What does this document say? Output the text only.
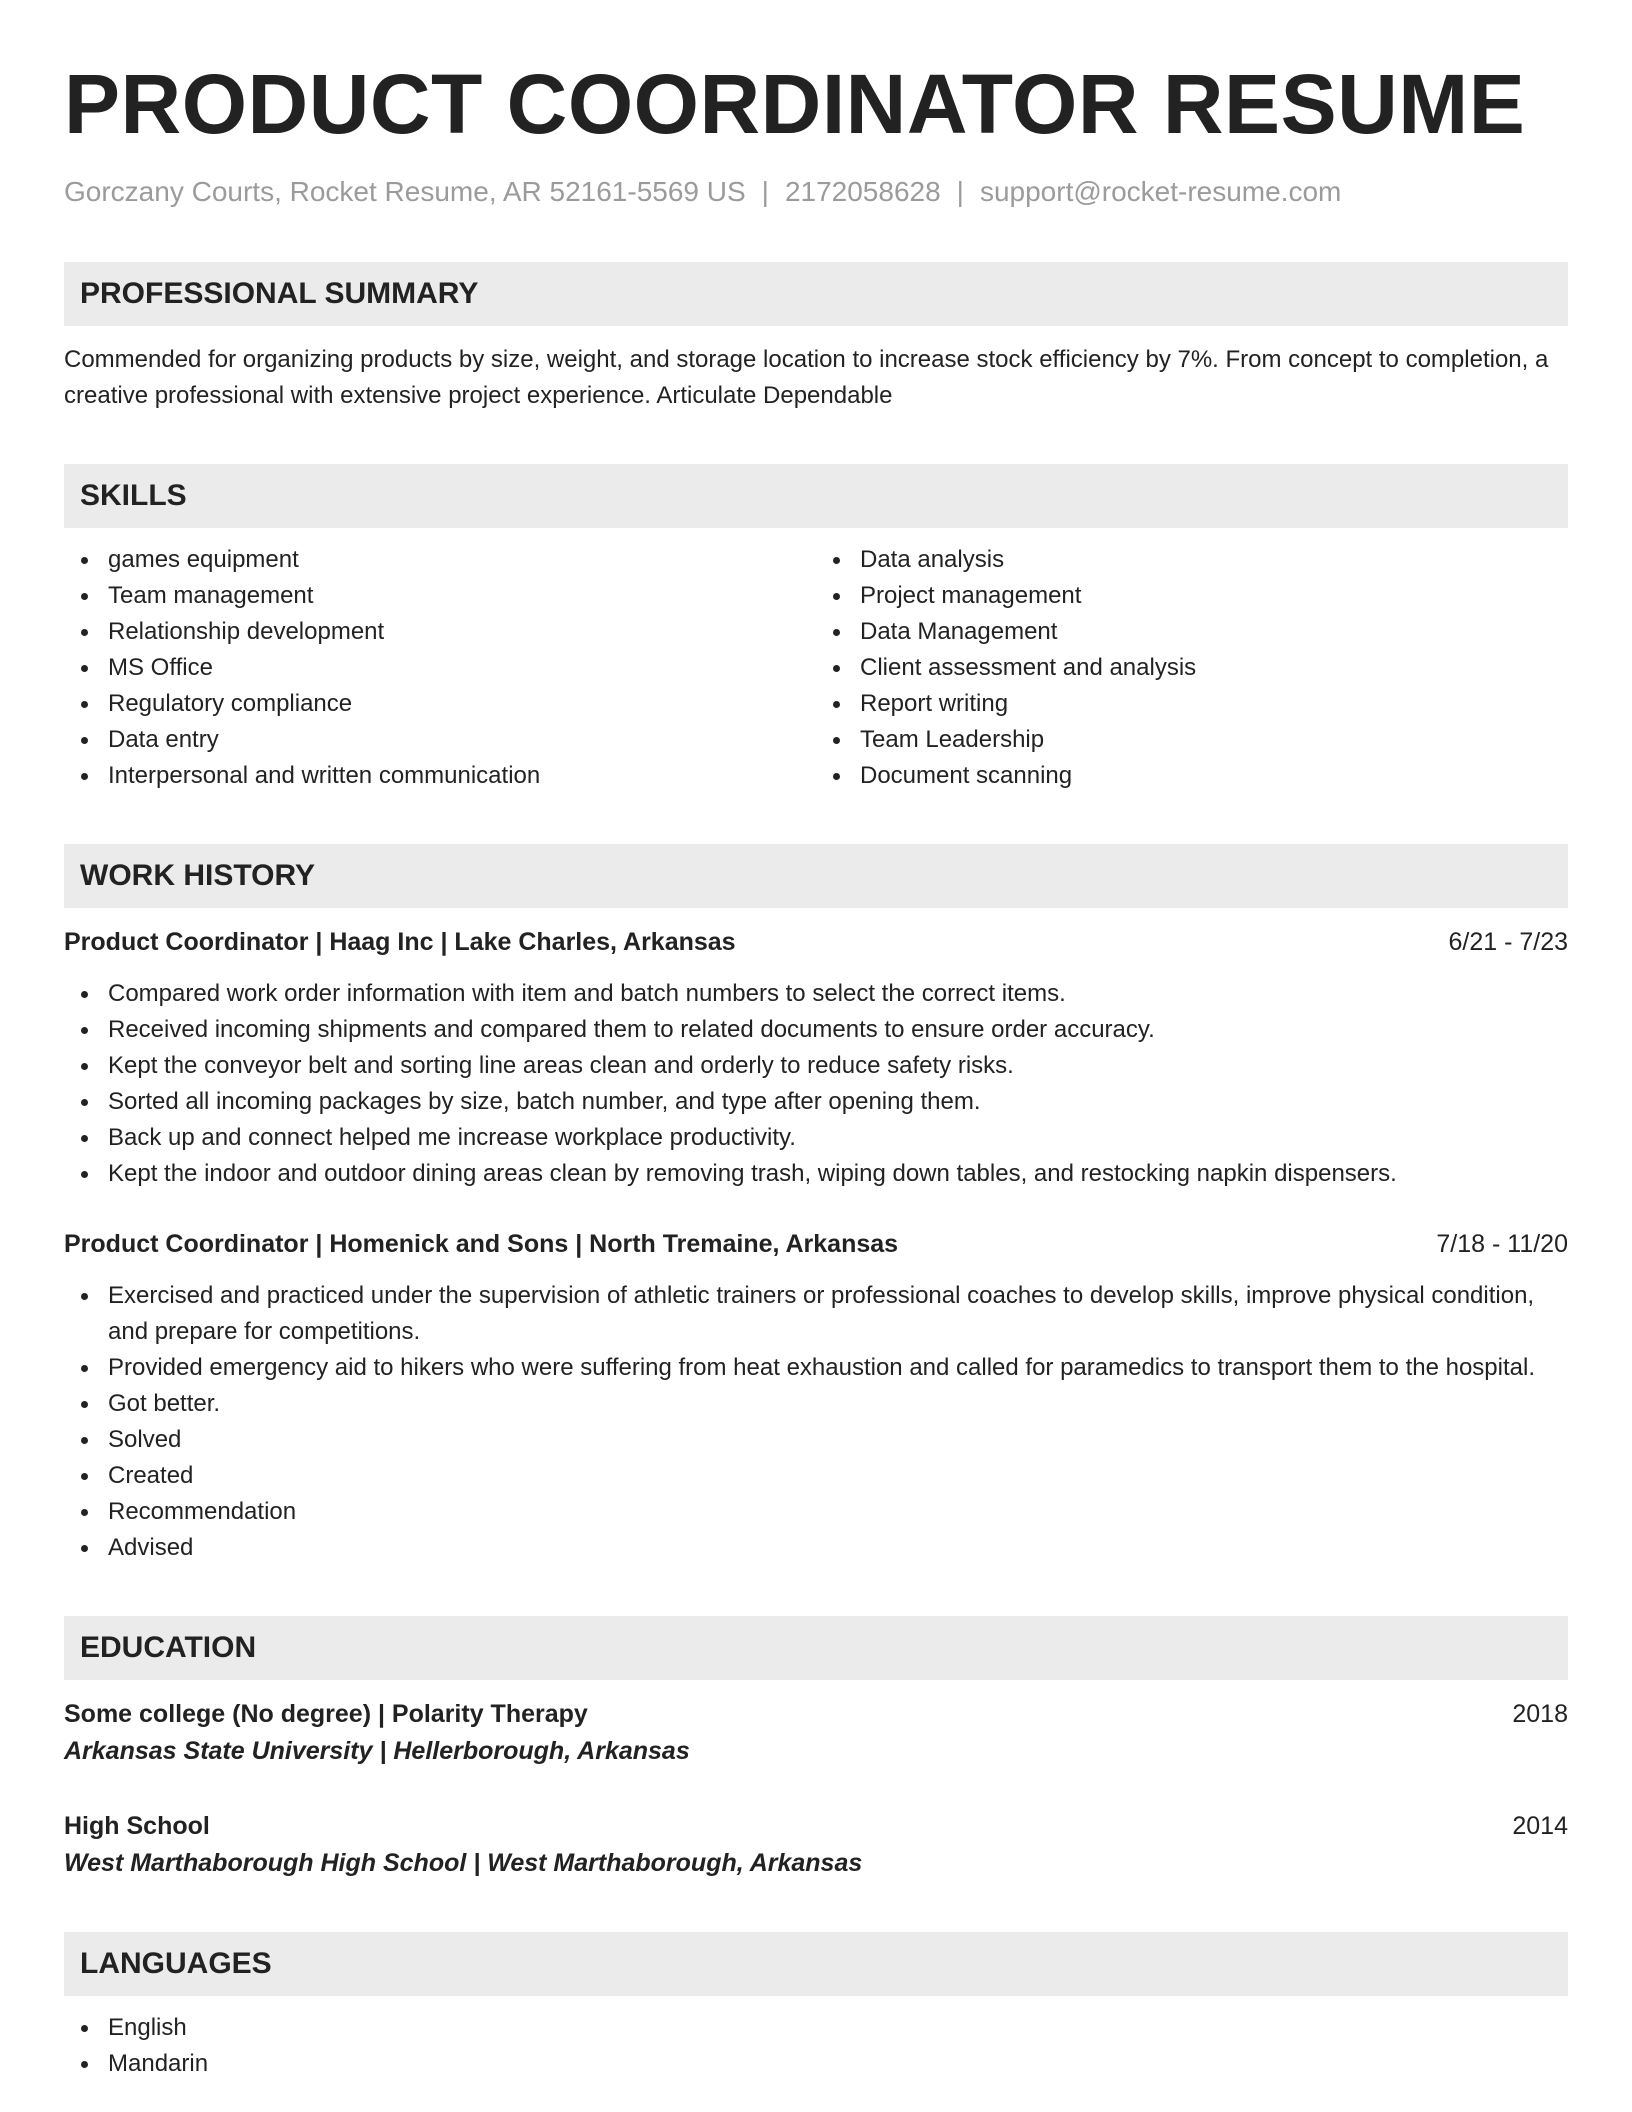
PRODUCT COORDINATOR RESUME
Gorczany Courts, Rocket Resume, AR 52161-5569 US | 2172058628 | support@rocket-resume.com
PROFESSIONAL SUMMARY
Commended for organizing products by size, weight, and storage location to increase stock efficiency by 7%. From concept to completion, a creative professional with extensive project experience. Articulate Dependable
SKILLS
games equipment
Team management
Relationship development
MS Office
Regulatory compliance
Data entry
Interpersonal and written communication
Data analysis
Project management
Data Management
Client assessment and analysis
Report writing
Team Leadership
Document scanning
WORK HISTORY
Product Coordinator | Haag Inc | Lake Charles, Arkansas	6/21 - 7/23
Compared work order information with item and batch numbers to select the correct items.
Received incoming shipments and compared them to related documents to ensure order accuracy.
Kept the conveyor belt and sorting line areas clean and orderly to reduce safety risks.
Sorted all incoming packages by size, batch number, and type after opening them.
Back up and connect helped me increase workplace productivity.
Kept the indoor and outdoor dining areas clean by removing trash, wiping down tables, and restocking napkin dispensers.
Product Coordinator | Homenick and Sons | North Tremaine, Arkansas	7/18 - 11/20
Exercised and practiced under the supervision of athletic trainers or professional coaches to develop skills, improve physical condition, and prepare for competitions.
Provided emergency aid to hikers who were suffering from heat exhaustion and called for paramedics to transport them to the hospital.
Got better.
Solved
Created
Recommendation
Advised
EDUCATION
Some college (No degree) | Polarity Therapy	2018
Arkansas State University | Hellerborough, Arkansas
High School	2014
West Marthaborough High School | West Marthaborough, Arkansas
LANGUAGES
English
Mandarin
